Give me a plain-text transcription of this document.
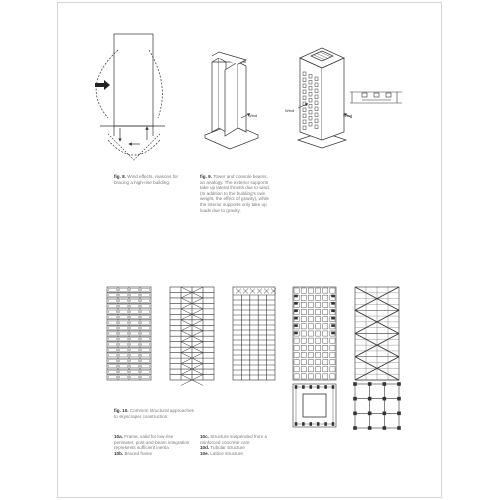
Wind
Wind
Wind
fig. 8. Wind effects, reasons for bracing a high-rise building.
fig. 9. Tower and console beams, an analogy. The exterior supports take up lateral thrusts due to wind. (In addition to the building's own weight, the effect of gravity), while the interior supports only take up loads due to gravity.
fig. 10. Common structural approaches to skyscraper construction:
10a. Frame, valid for low-rise perimeter, post-and-beam integration represents sufficient inertia
10b. Braced frame
10c. Structure suspended from a reinforced concrete core
10d. Tubular structure
10e. Lattice structure
